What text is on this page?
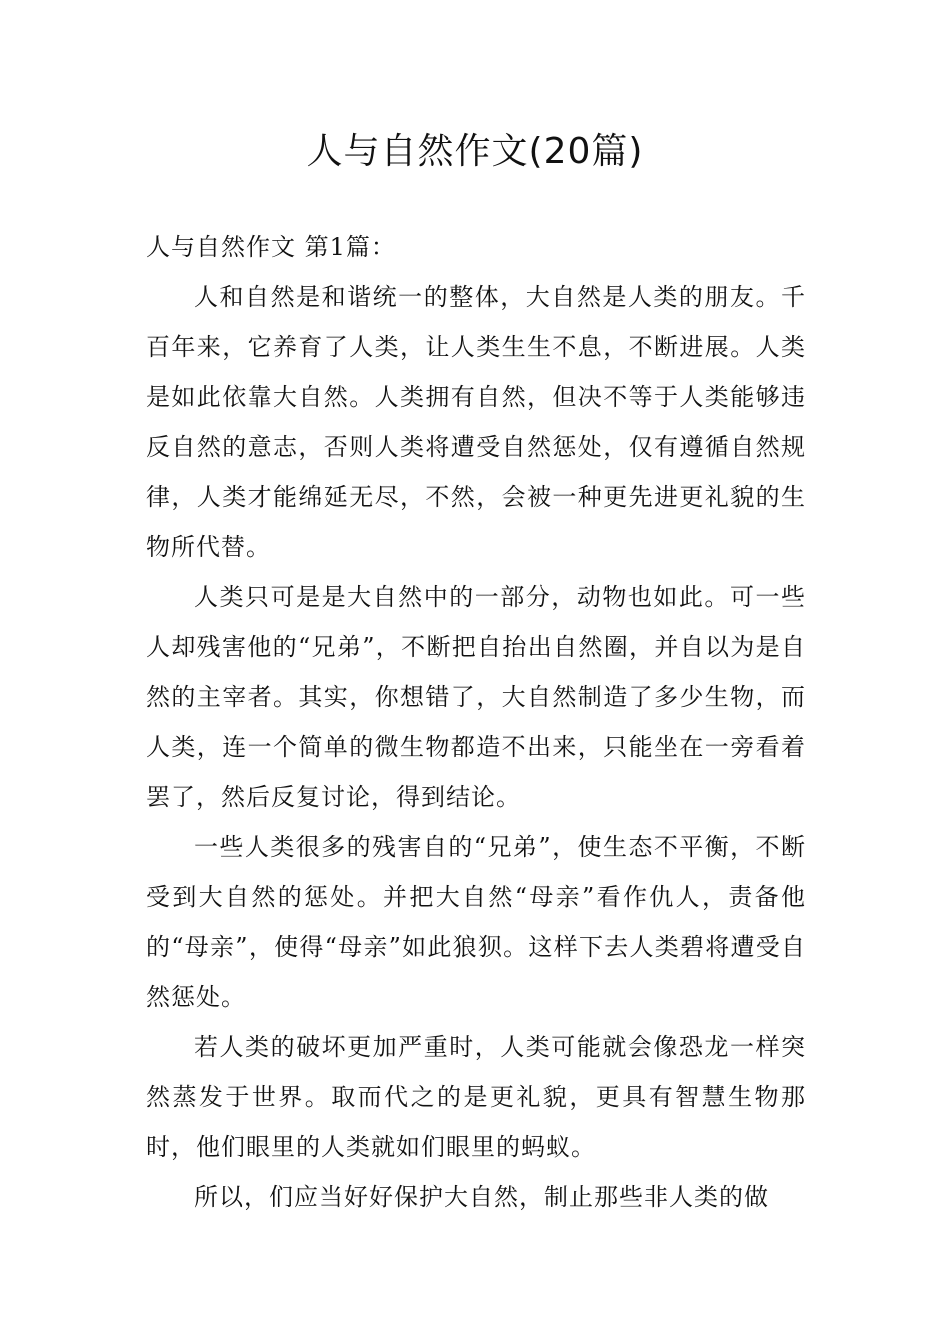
人与自然作文(20篇)

人与自然作文 第1篇：

人和自然是和谐统一的整体，大自然是人类的朋友。千百年来，它养育了人类，让人类生生不息，不断进展。人类是如此依靠大自然。人类拥有自然，但决不等于人类能够违反自然的意志，否则人类将遭受自然惩处，仅有遵循自然规律，人类才能绵延无尽，不然，会被一种更先进更礼貌的生物所代替。

人类只可是是大自然中的一部分，动物也如此。可一些人却残害他的“兄弟”，不断把自抬出自然圈，并自以为是自然的主宰者。其实，你想错了，大自然制造了多少生物，而人类，连一个简单的微生物都造不出来，只能坐在一旁看着罢了，然后反复讨论，得到结论。

一些人类很多的残害自的“兄弟”，使生态不平衡，不断受到大自然的惩处。并把大自然“母亲”看作仇人，责备他的“母亲”，使得“母亲”如此狼狈。这样下去人类碧将遭受自然惩处。

若人类的破坏更加严重时，人类可能就会像恐龙一样突然蒸发于世界。取而代之的是更礼貌，更具有智慧生物那时，他们眼里的人类就如们眼里的蚂蚁。

所以，们应当好好保护大自然，制止那些非人类的做
